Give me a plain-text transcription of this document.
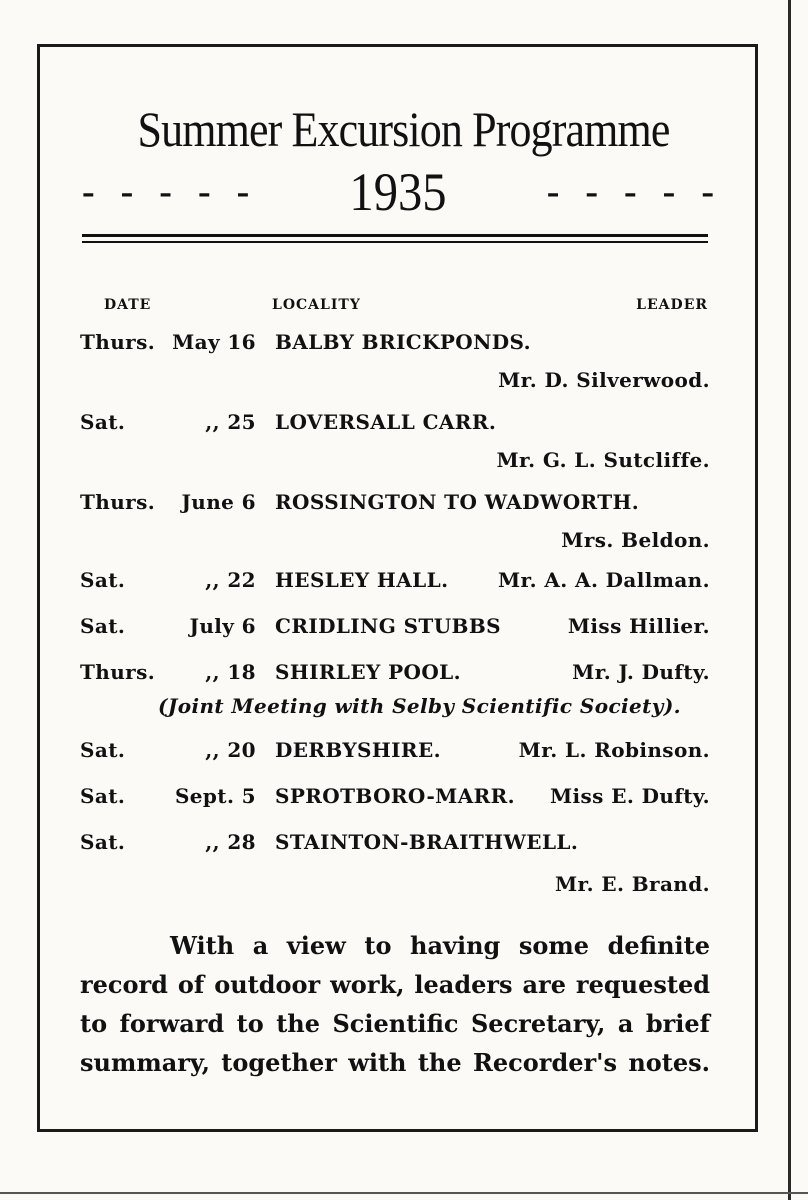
Summer Excursion Programme
-----	1935	-----
DATE	LOCALITY	LEADER
Thurs. May 16 BALBY BRICKPONDS.
Mr. D. Silverwood.
Sat.	,, 25 LOVERSALL CARR.
Mr. G. L. Sutcliffe.
Thurs. June 6 ROSSINGTON TO WADWORTH.
Mrs. Beldon.
Sat.	,, 22 HESLEY HALL. Mr. A. A. Dallman.
Sat.	July 6 CRIDLING STUBBS	Miss Hillier.
Thurs.	,, 18 SHIRLEY POOL.	Mr. J. Dufty.
(Joint Meeting with Selby Scientific Society).
Sat.	,, 20 DERBYSHIRE.	Mr. L. Robinson.
Sat. Sept. 5 SPROTBORO-MARR. Miss E. Dufty.
Sat.	,, 28 STAINTON-BRAITHWELL.
Mr. E. Brand.
With a view to having some definite
record of outdoor work, leaders are requested
to forward to the Scientific Secretary, a brief
summary, together with the Recorder's notes.
